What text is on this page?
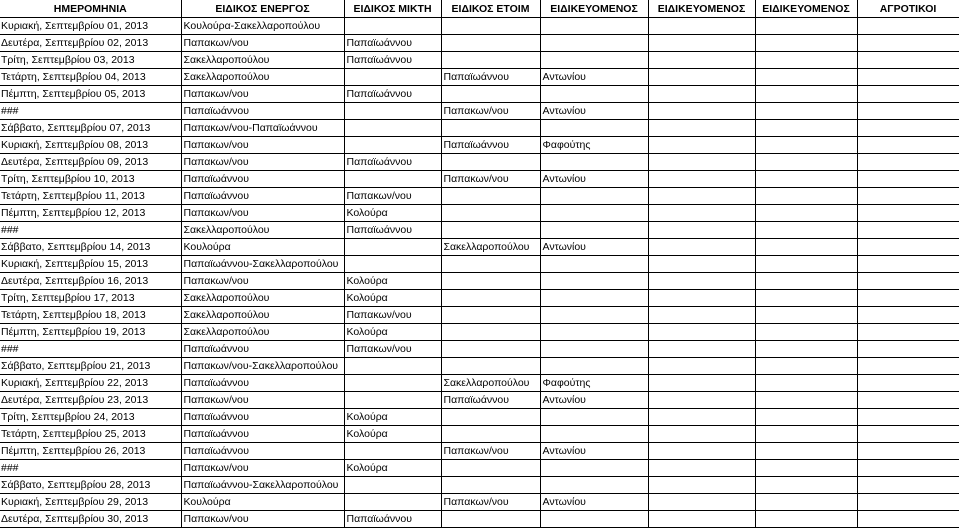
ΗΜΕΡΟΜΗΝΙΑ	ΕΙΔΙΚΟΣ ΕΝΕΡΓΟΣ	ΕΙΔΙΚΟΣ ΜΙΚΤΗ	ΕΙΔΙΚΟΣ ΕΤΟΙΜ	ΕΙΔΙΚΕΥΟΜΕΝΟΣ	ΕΙΔΙΚΕΥΟΜΕΝΟΣ	ΕΙΔΙΚΕΥΟΜΕΝΟΣ	ΑΓΡΟΤΙΚΟΙ
Κυριακή, Σεπτεμβρίου 01, 2013	Κουλούρα-Σακελλαροπούλου						
Δευτέρα, Σεπτεμβρίου 02, 2013	Παπακων/νου	Παπαϊωάννου					
Τρίτη, Σεπτεμβρίου 03, 2013	Σακελλαροπούλου	Παπαϊωάννου					
Τετάρτη, Σεπτεμβρίου 04, 2013	Σακελλαροπούλου		Παπαϊωάννου	Αντωνίου			
Πέμπτη, Σεπτεμβρίου 05, 2013	Παπακων/νου	Παπαϊωάννου					
###	Παπαϊωάννου		Παπακων/νου	Αντωνίου			
Σάββατο, Σεπτεμβρίου 07, 2013	Παπακων/νου-Παπαϊωάννου						
Κυριακή, Σεπτεμβρίου 08, 2013	Παπακων/νου		Παπαϊωάννου	Φαφούτης			
Δευτέρα, Σεπτεμβρίου 09, 2013	Παπακων/νου	Παπαϊωάννου					
Τρίτη, Σεπτεμβρίου 10, 2013	Παπαϊωάννου		Παπακων/νου	Αντωνίου			
Τετάρτη, Σεπτεμβρίου 11, 2013	Παπαϊωάννου	Παπακων/νου					
Πέμπτη, Σεπτεμβρίου 12, 2013	Παπακων/νου	Κολούρα					
###	Σακελλαροπούλου	Παπαϊωάννου					
Σάββατο, Σεπτεμβρίου 14, 2013	Κουλούρα		Σακελλαροπούλου	Αντωνίου			
Κυριακή, Σεπτεμβρίου 15, 2013	Παπαϊωάννου-Σακελλαροπούλου						
Δευτέρα, Σεπτεμβρίου 16, 2013	Παπακων/νου	Κολούρα					
Τρίτη, Σεπτεμβρίου 17, 2013	Σακελλαροπούλου	Κολούρα					
Τετάρτη, Σεπτεμβρίου 18, 2013	Σακελλαροπούλου	Παπακων/νου					
Πέμπτη, Σεπτεμβρίου 19, 2013	Σακελλαροπούλου	Κολούρα					
###	Παπαϊωάννου	Παπακων/νου					
Σάββατο, Σεπτεμβρίου 21, 2013	Παπακων/νου-Σακελλαροπούλου						
Κυριακή, Σεπτεμβρίου 22, 2013	Παπαϊωάννου		Σακελλαροπούλου	Φαφούτης			
Δευτέρα, Σεπτεμβρίου 23, 2013	Παπακων/νου		Παπαϊωάννου	Αντωνίου			
Τρίτη, Σεπτεμβρίου 24, 2013	Παπαϊωάννου	Κολούρα					
Τετάρτη, Σεπτεμβρίου 25, 2013	Παπαϊωάννου	Κολούρα					
Πέμπτη, Σεπτεμβρίου 26, 2013	Παπαϊωάννου		Παπακων/νου	Αντωνίου			
###	Παπακων/νου	Κολούρα					
Σάββατο, Σεπτεμβρίου 28, 2013	Παπαϊωάννου-Σακελλαροπούλου						
Κυριακή, Σεπτεμβρίου 29, 2013	Κουλούρα		Παπακων/νου	Αντωνίου			
Δευτέρα, Σεπτεμβρίου 30, 2013	Παπακων/νου	Παπαϊωάννου					
